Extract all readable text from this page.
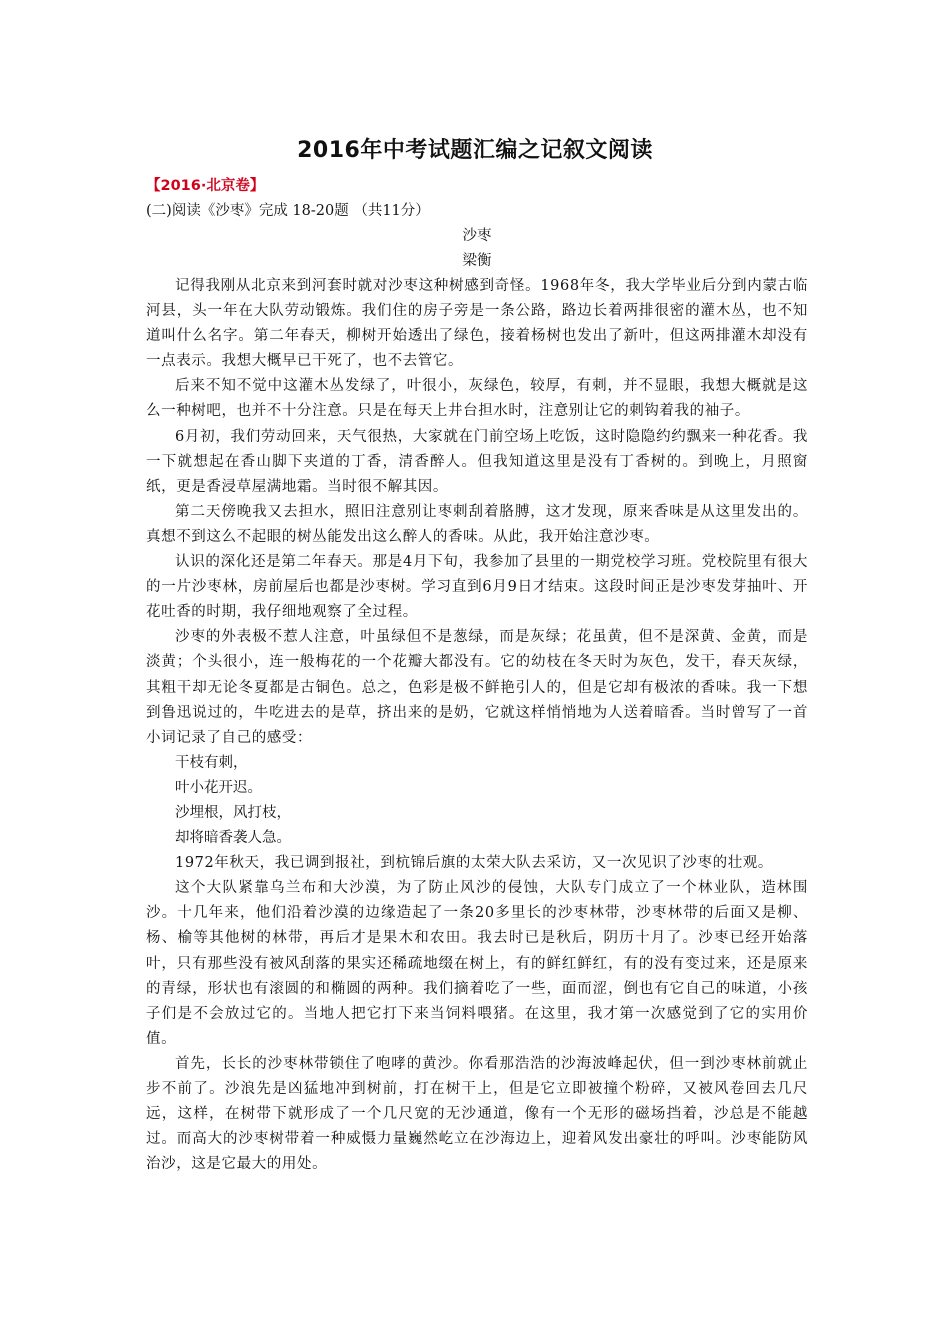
2016年中考试题汇编之记叙文阅读
【2016·北京卷】
(二)阅读《沙枣》完成 18-20题 （共11分）
沙枣
梁衡

记得我刚从北京来到河套时就对沙枣这种树感到奇怪。1968年冬，我大学毕业后分到内蒙古临河县，头一年在大队劳动锻炼。我们住的房子旁是一条公路，路边长着两排很密的灌木丛，也不知道叫什么名字。第二年春天，柳树开始透出了绿色，接着杨树也发出了新叶，但这两排灌木却没有一点表示。我想大概早已干死了，也不去管它。

后来不知不觉中这灌木丛发绿了，叶很小，灰绿色，较厚，有刺，并不显眼，我想大概就是这么一种树吧，也并不十分注意。只是在每天上井台担水时，注意别让它的刺钩着我的袖子。

6月初，我们劳动回来，天气很热，大家就在门前空场上吃饭，这时隐隐约约飘来一种花香。我一下就想起在香山脚下夹道的丁香，清香醉人。但我知道这里是没有丁香树的。到晚上，月照窗纸，更是香浸草屋满地霜。当时很不解其因。

第二天傍晚我又去担水，照旧注意别让枣刺刮着胳膊，这才发现，原来香味是从这里发出的。真想不到这么不起眼的树丛能发出这么醉人的香味。从此，我开始注意沙枣。

认识的深化还是第二年春天。那是4月下旬，我参加了县里的一期党校学习班。党校院里有很大的一片沙枣林，房前屋后也都是沙枣树。学习直到6月9日才结束。这段时间正是沙枣发芽抽叶、开花吐香的时期，我仔细地观察了全过程。

沙枣的外表极不惹人注意，叶虽绿但不是葱绿，而是灰绿；花虽黄，但不是深黄、金黄，而是淡黄；个头很小，连一般梅花的一个花瓣大都没有。它的幼枝在冬天时为灰色，发干，春天灰绿，其粗干却无论冬夏都是古铜色。总之，色彩是极不鲜艳引人的，但是它却有极浓的香味。我一下想到鲁迅说过的，牛吃进去的是草，挤出来的是奶，它就这样悄悄地为人送着暗香。当时曾写了一首小词记录了自己的感受：

干枝有刺，
叶小花开迟。
沙埋根，风打枝，
却将暗香袭人急。

1972年秋天，我已调到报社，到杭锦后旗的太荣大队去采访，又一次见识了沙枣的壮观。

这个大队紧靠乌兰布和大沙漠，为了防止风沙的侵蚀，大队专门成立了一个林业队，造林围沙。十几年来，他们沿着沙漠的边缘造起了一条20多里长的沙枣林带，沙枣林带的后面又是柳、杨、榆等其他树的林带，再后才是果木和农田。我去时已是秋后，阴历十月了。沙枣已经开始落叶，只有那些没有被风刮落的果实还稀疏地缀在树上，有的鲜红鲜红，有的没有变过来，还是原来的青绿，形状也有滚圆的和椭圆的两种。我们摘着吃了一些，面而涩，倒也有它自己的味道，小孩子们是不会放过它的。当地人把它打下来当饲料喂猪。在这里，我才第一次感觉到了它的实用价值。

首先，长长的沙枣林带锁住了咆哮的黄沙。你看那浩浩的沙海波峰起伏，但一到沙枣林前就止步不前了。沙浪先是凶猛地冲到树前，打在树干上，但是它立即被撞个粉碎，又被风卷回去几尺远，这样，在树带下就形成了一个几尺宽的无沙通道，像有一个无形的磁场挡着，沙总是不能越过。而高大的沙枣树带着一种威慑力量巍然屹立在沙海边上，迎着风发出豪壮的呼叫。沙枣能防风治沙，这是它最大的用处。
